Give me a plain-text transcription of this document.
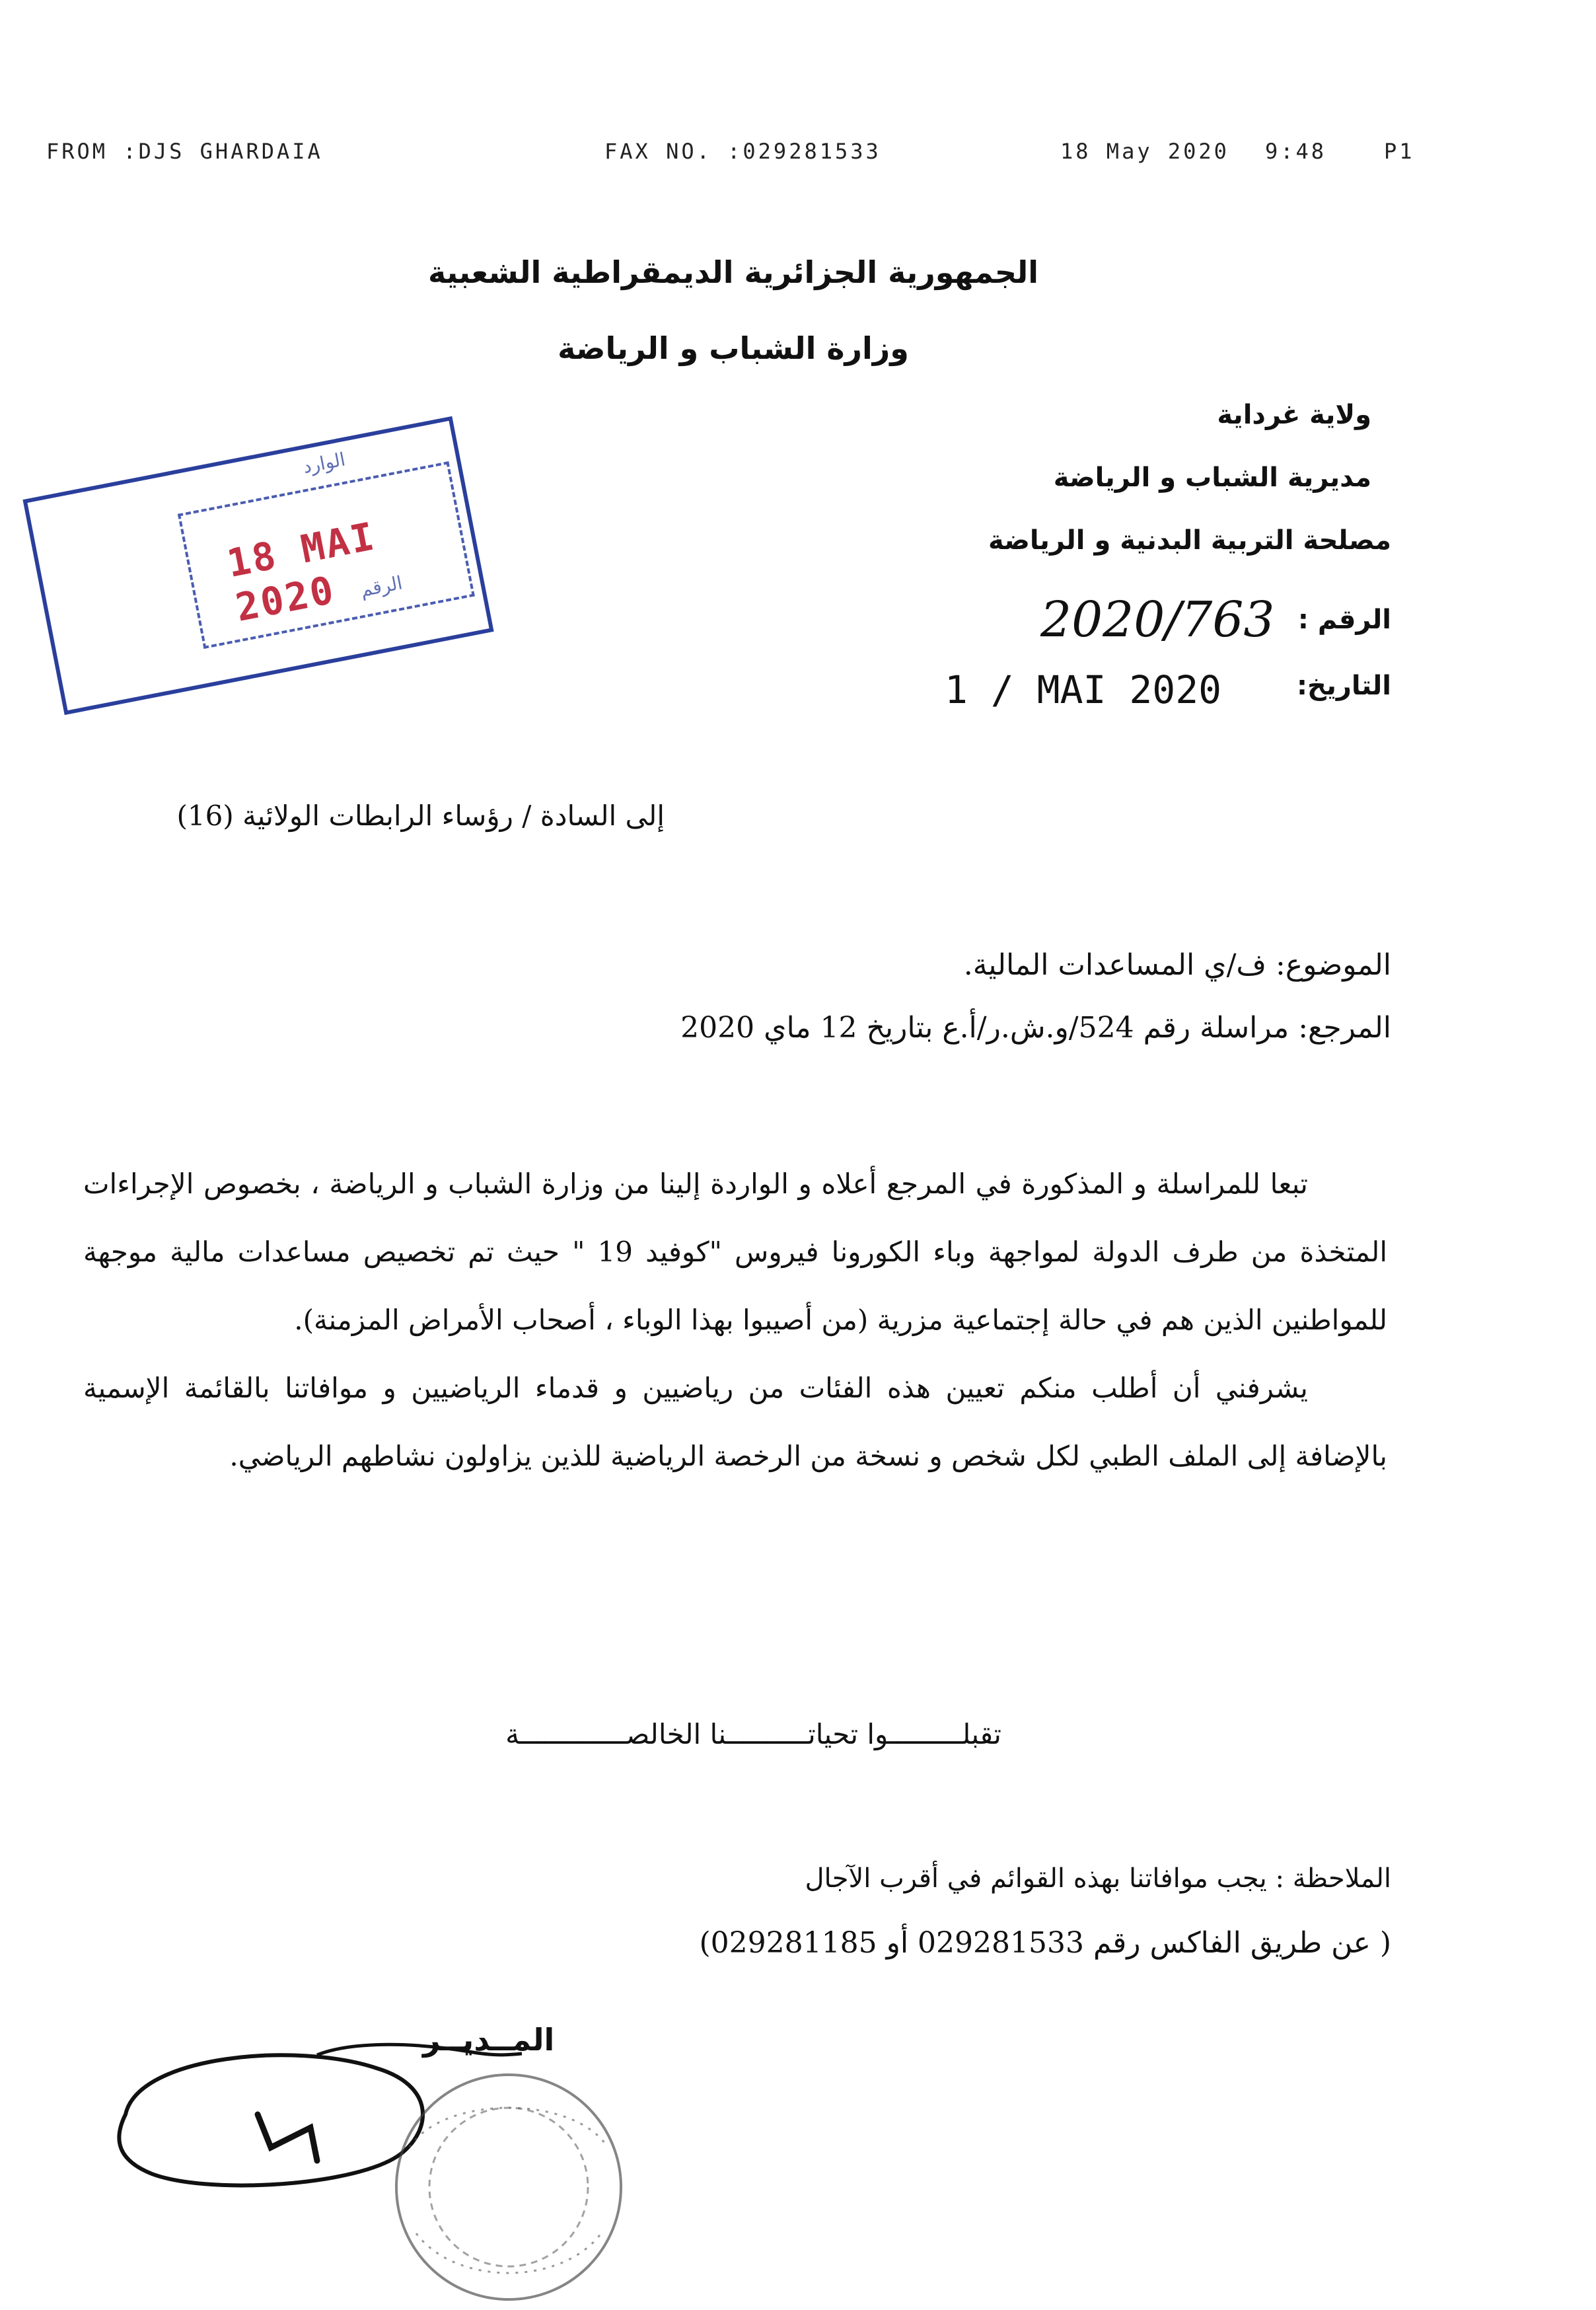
FROM :DJS GHARDAIA	FAX NO. :029281533	18 May 2020 9:48	P1
الجمهورية الجزائرية الديمقراطية الشعبية
وزارة الشباب و الرياضة
ولاية غرداية
مديرية الشباب و الرياضة
مصلحة التربية البدنية و الرياضة
الرقم :
2020/763
التاريخ:
1 / MAI 2020
الوارد
18 MAI 2020	الرقم
إلى السادة / رؤساء الرابطات الولائية (16)
الموضوع: ف/ي المساعدات المالية.
المرجع: مراسلة رقم 524/و.ش.ر/أ.ع بتاريخ 12 ماي 2020

تبعا للمراسلة و المذكورة في المرجع أعلاه و الواردة إلينا من وزارة الشباب و الرياضة ، بخصوص الإجراءات المتخذة من طرف الدولة لمواجهة وباء الكورونا فيروس "كوفيد 19 " حيث تم تخصيص مساعدات مالية موجهة للمواطنين الذين هم في حالة إجتماعية مزرية (من أصيبوا بهذا الوباء ، أصحاب الأمراض المزمنة).

يشرفني أن أطلب منكم تعيين هذه الفئات من رياضيين و قدماء الرياضيين و موافاتنا بالقائمة الإسمية بالإضافة إلى الملف الطبي لكل شخص و نسخة من الرخصة الرياضية للذين يزاولون نشاطهم الرياضي.

تقبلـــــــــوا تحياتــــــــــنا الخالصـــــــــــــة
الملاحظة : يجب موافاتنا بهذه القوائم في أقرب الآجال
( عن طريق الفاكس رقم 029281533 أو 029281185)
المــديــر
